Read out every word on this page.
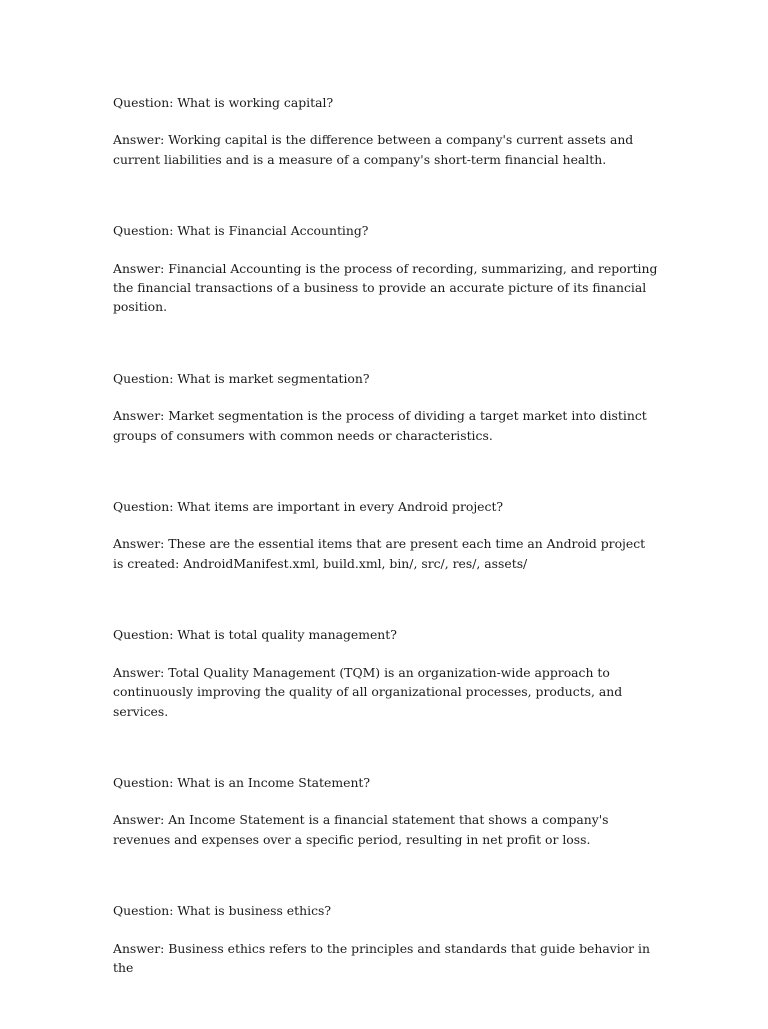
Question: What is working capital?

Answer: Working capital is the difference between a company's current assets and current liabilities and is a measure of a company's short-term financial health.

Question: What is Financial Accounting?

Answer: Financial Accounting is the process of recording, summarizing, and reporting the financial transactions of a business to provide an accurate picture of its financial position.

Question: What is market segmentation?

Answer: Market segmentation is the process of dividing a target market into distinct groups of consumers with common needs or characteristics.

Question: What items are important in every Android project?

Answer: These are the essential items that are present each time an Android project is created: AndroidManifest.xml, build.xml, bin/, src/, res/, assets/

Question: What is total quality management?

Answer: Total Quality Management (TQM) is an organization-wide approach to continuously improving the quality of all organizational processes, products, and services.

Question: What is an Income Statement?

Answer: An Income Statement is a financial statement that shows a company's revenues and expenses over a specific period, resulting in net profit or loss.

Question: What is business ethics?

Answer: Business ethics refers to the principles and standards that guide behavior in the
